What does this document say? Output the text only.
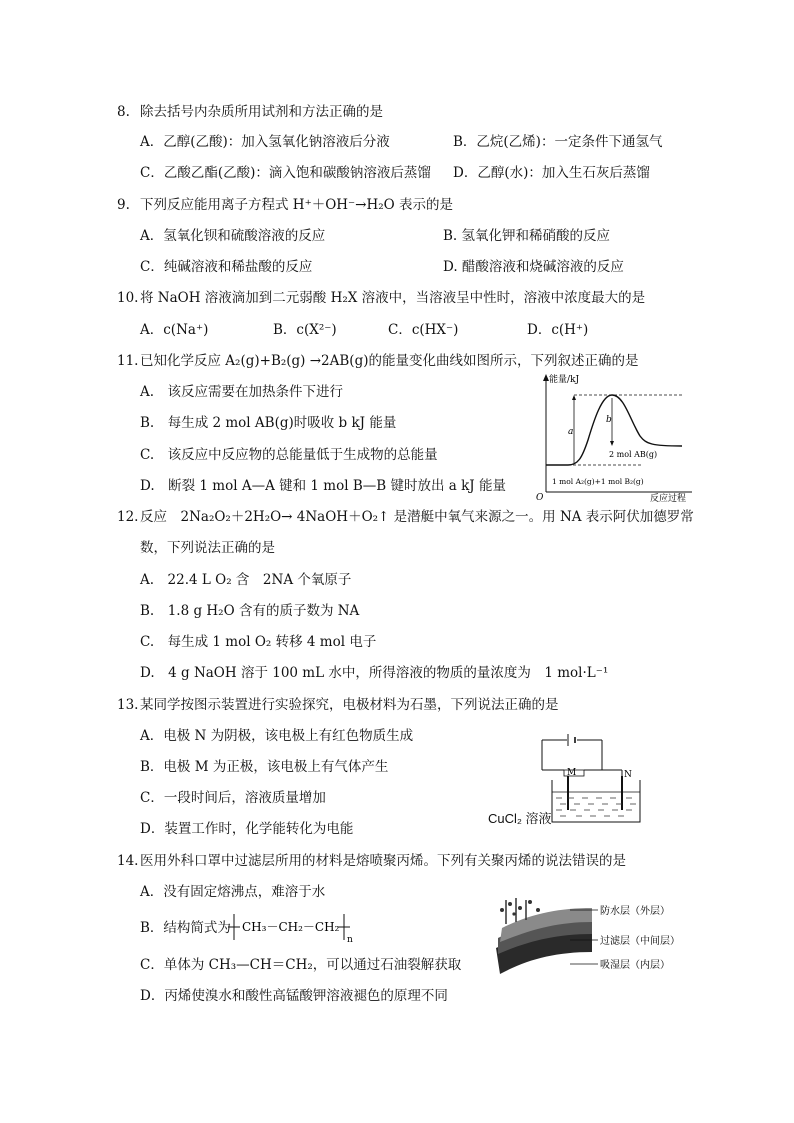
8. 除去括号内杂质所用试剂和方法正确的是
A．乙醇(乙酸)：加入氢氧化钠溶液后分液	B．乙烷(乙烯)：一定条件下通氢气
C．乙酸乙酯(乙酸)：滴入饱和碳酸钠溶液后蒸馏 D．乙醇(水)：加入生石灰后蒸馏
9. 下列反应能用离子方程式 H⁺＋OH⁻→H₂O 表示的是
A．氢氧化钡和硫酸溶液的反应	B. 氢氧化钾和稀硝酸的反应
C．纯碱溶液和稀盐酸的反应	D. 醋酸溶液和烧碱溶液的反应
10. 将 NaOH 溶液滴加到二元弱酸 H₂X 溶液中，当溶液呈中性时，溶液中浓度最大的是
A．c(Na⁺)	B．c(X²⁻)	C．c(HX⁻)	D．c(H⁺)
11. 已知化学反应 A₂(g)+B₂(g) →2AB(g)的能量变化曲线如图所示，下列叙述正确的是
A.　该反应需要在加热条件下进行
B.　每生成 2 mol AB(g)时吸收 b kJ 能量
C.　该反应中反应物的总能量低于生成物的总能量
D.　断裂 1 mol A—A 键和 1 mol B—B 键时放出 a kJ 能量
能量/kJ
O	反应过程
a
b
2 mol AB(g)
1 mol A₂(g)+1 mol B₂(g)
12. 反应　2Na₂O₂＋2H₂O→ 4NaOH＋O₂↑ 是潜艇中氧气来源之一。用 NA 表示阿伏加德罗常
数，下列说法正确的是
A.　22.4 L O₂ 含　2NA 个氧原子
B.　1.8 g H₂O 含有的质子数为 NA
C.　每生成 1 mol O₂ 转移 4 mol 电子
D.　4 g NaOH 溶于 100 mL 水中，所得溶液的物质的量浓度为　1 mol·L⁻¹
13. 某同学按图示装置进行实验探究，电极材料为石墨，下列说法正确的是
A．电极 N 为阴极，该电极上有红色物质生成
B．电极 M 为正极，该电极上有气体产生
C．一段时间后，溶液质量增加
D．装置工作时，化学能转化为电能
M	N
CuCl₂ 溶液
14. 医用外科口罩中过滤层所用的材料是熔喷聚丙烯。下列有关聚丙烯的说法错误的是
A．没有固定熔沸点，难溶于水
B．结构简式为 CH₃－CH₂－CH₂
n
C．单体为 CH₃—CH＝CH₂，可以通过石油裂解获取
D．丙烯使溴水和酸性高锰酸钾溶液褪色的原理不同
防水层（外层）
过滤层（中间层）
吸湿层（内层）
